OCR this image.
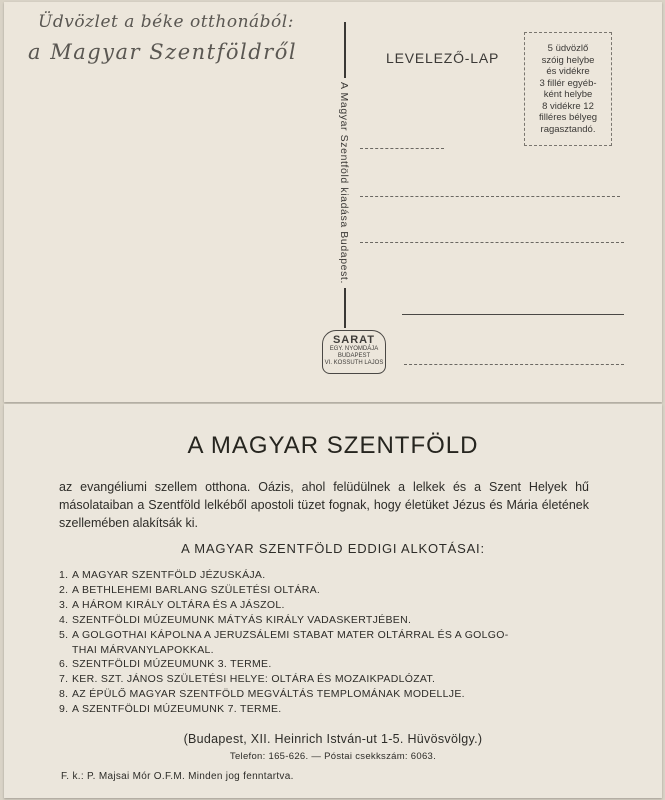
Üdvözlet a béke otthonából:
a Magyar Szentföldről
A Magyar Szentföld kiadása Budapest.
SARAT
EGY. NYOMDÁJA
BUDAPEST
VI. KOSSUTH LAJOS
LEVELEZŐ-LAP
5 üdvözlő
szóig helybe
és vidékre
3 fillér egyéb-
ként helybe
8 vidékre 12
filléres bélyeg
ragasztandó.
A MAGYAR SZENTFÖLD
az evangéliumi szellem otthona. Oázis, ahol felüdülnek a lelkek és a Szent Helyek hű másolataiban a Szentföld lelkéből apostoli tüzet fognak, hogy életüket Jézus és Mária életének szellemében alakítsák ki.
A MAGYAR SZENTFÖLD EDDIGI ALKOTÁSAI:
1. A MAGYAR SZENTFÖLD JÉZUSKÁJA.
2. A BETHLEHEMI BARLANG SZÜLETÉSI OLTÁRA.
3. A HÁROM KIRÁLY OLTÁRA ÉS A JÁSZOL.
4. SZENTFÖLDI MÚZEUMUNK MÁTYÁS KIRÁLY VADASKERTJÉBEN.
5. A GOLGOTHAI KÁPOLNA A JERUZSÁLEMI STABAT MATER OLTÁRRAL ÉS A GOLGO-
THAI MÁRVANYLAPOKKAL.
6. SZENTFÖLDI MÚZEUMUNK 3. TERME.
7. KER. SZT. JÁNOS SZÜLETÉSI HELYE: OLTÁRA ÉS MOZAIKPADLÓZAT.
8. AZ ÉPÜLŐ MAGYAR SZENTFÖLD MEGVÁLTÁS TEMPLOMÁNAK MODELLJE.
9. A SZENTFÖLDI MÚZEUMUNK 7. TERME.
(Budapest, XII. Heinrich István-ut 1-5. Hüvösvölgy.)
Telefon: 165-626. — Póstai csekkszám: 6063.
F. k.: P. Majsai Mór O.F.M. Minden jog fenntartva.
